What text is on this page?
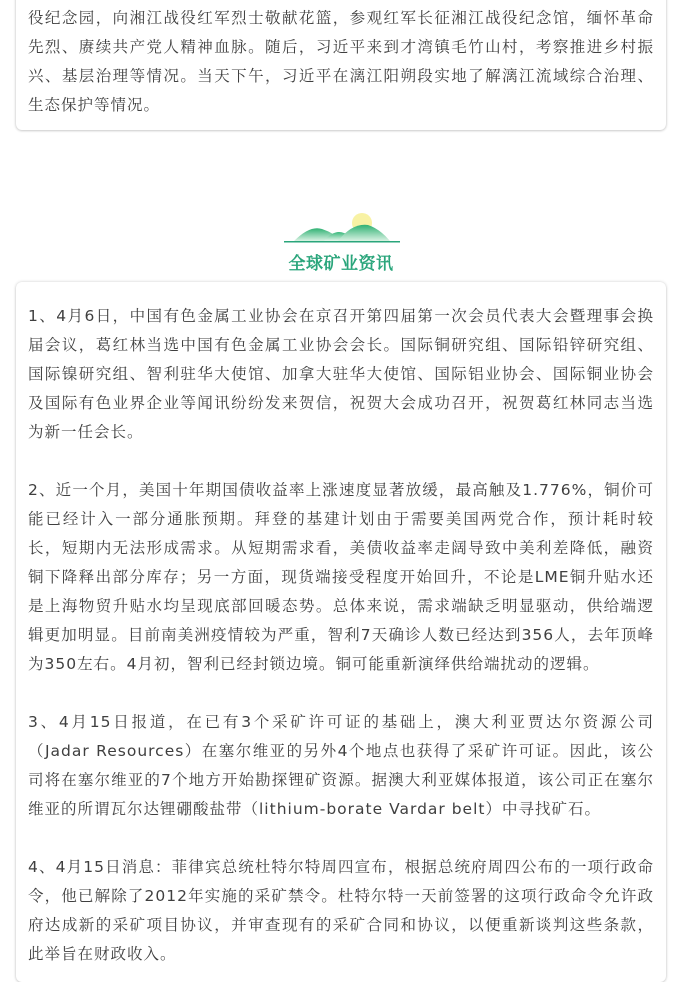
役纪念园，向湘江战役红军烈士敬献花篮，参观红军长征湘江战役纪念馆，缅怀革命先烈、赓续共产党人精神血脉。随后，习近平来到才湾镇毛竹山村，考察推进乡村振兴、基层治理等情况。当天下午，习近平在漓江阳朔段实地了解漓江流域综合治理、生态保护等情况。

全球矿业资讯

1、4月6日，中国有色金属工业协会在京召开第四届第一次会员代表大会暨理事会换届会议，葛红林当选中国有色金属工业协会会长。国际铜研究组、国际铅锌研究组、国际镍研究组、智利驻华大使馆、加拿大驻华大使馆、国际铝业协会、国际铜业协会及国际有色业界企业等闻讯纷纷发来贺信，祝贺大会成功召开，祝贺葛红林同志当选为新一任会长。

2、近一个月，美国十年期国债收益率上涨速度显著放缓，最高触及1.776%，铜价可能已经计入一部分通胀预期。拜登的基建计划由于需要美国两党合作，预计耗时较长，短期内无法形成需求。从短期需求看，美债收益率走阔导致中美利差降低，融资铜下降释出部分库存；另一方面，现货端接受程度开始回升，不论是LME铜升贴水还是上海物贸升贴水均呈现底部回暖态势。总体来说，需求端缺乏明显驱动，供给端逻辑更加明显。目前南美洲疫情较为严重，智利7天确诊人数已经达到356人，去年顶峰为350左右。4月初，智利已经封锁边境。铜可能重新演绎供给端扰动的逻辑。

3、4月15日报道，在已有3个采矿许可证的基础上，澳大利亚贾达尔资源公司（Jadar Resources）在塞尔维亚的另外4个地点也获得了采矿许可证。因此，该公司将在塞尔维亚的7个地方开始勘探锂矿资源。据澳大利亚媒体报道，该公司正在塞尔维亚的所谓瓦尔达锂硼酸盐带（lithium-borate Vardar belt）中寻找矿石。

4、4月15日消息：菲律宾总统杜特尔特周四宣布，根据总统府周四公布的一项行政命令，他已解除了2012年实施的采矿禁令。杜特尔特一天前签署的这项行政命令允许政府达成新的采矿项目协议，并审查现有的采矿合同和协议，以便重新谈判这些条款，此举旨在财政收入。
